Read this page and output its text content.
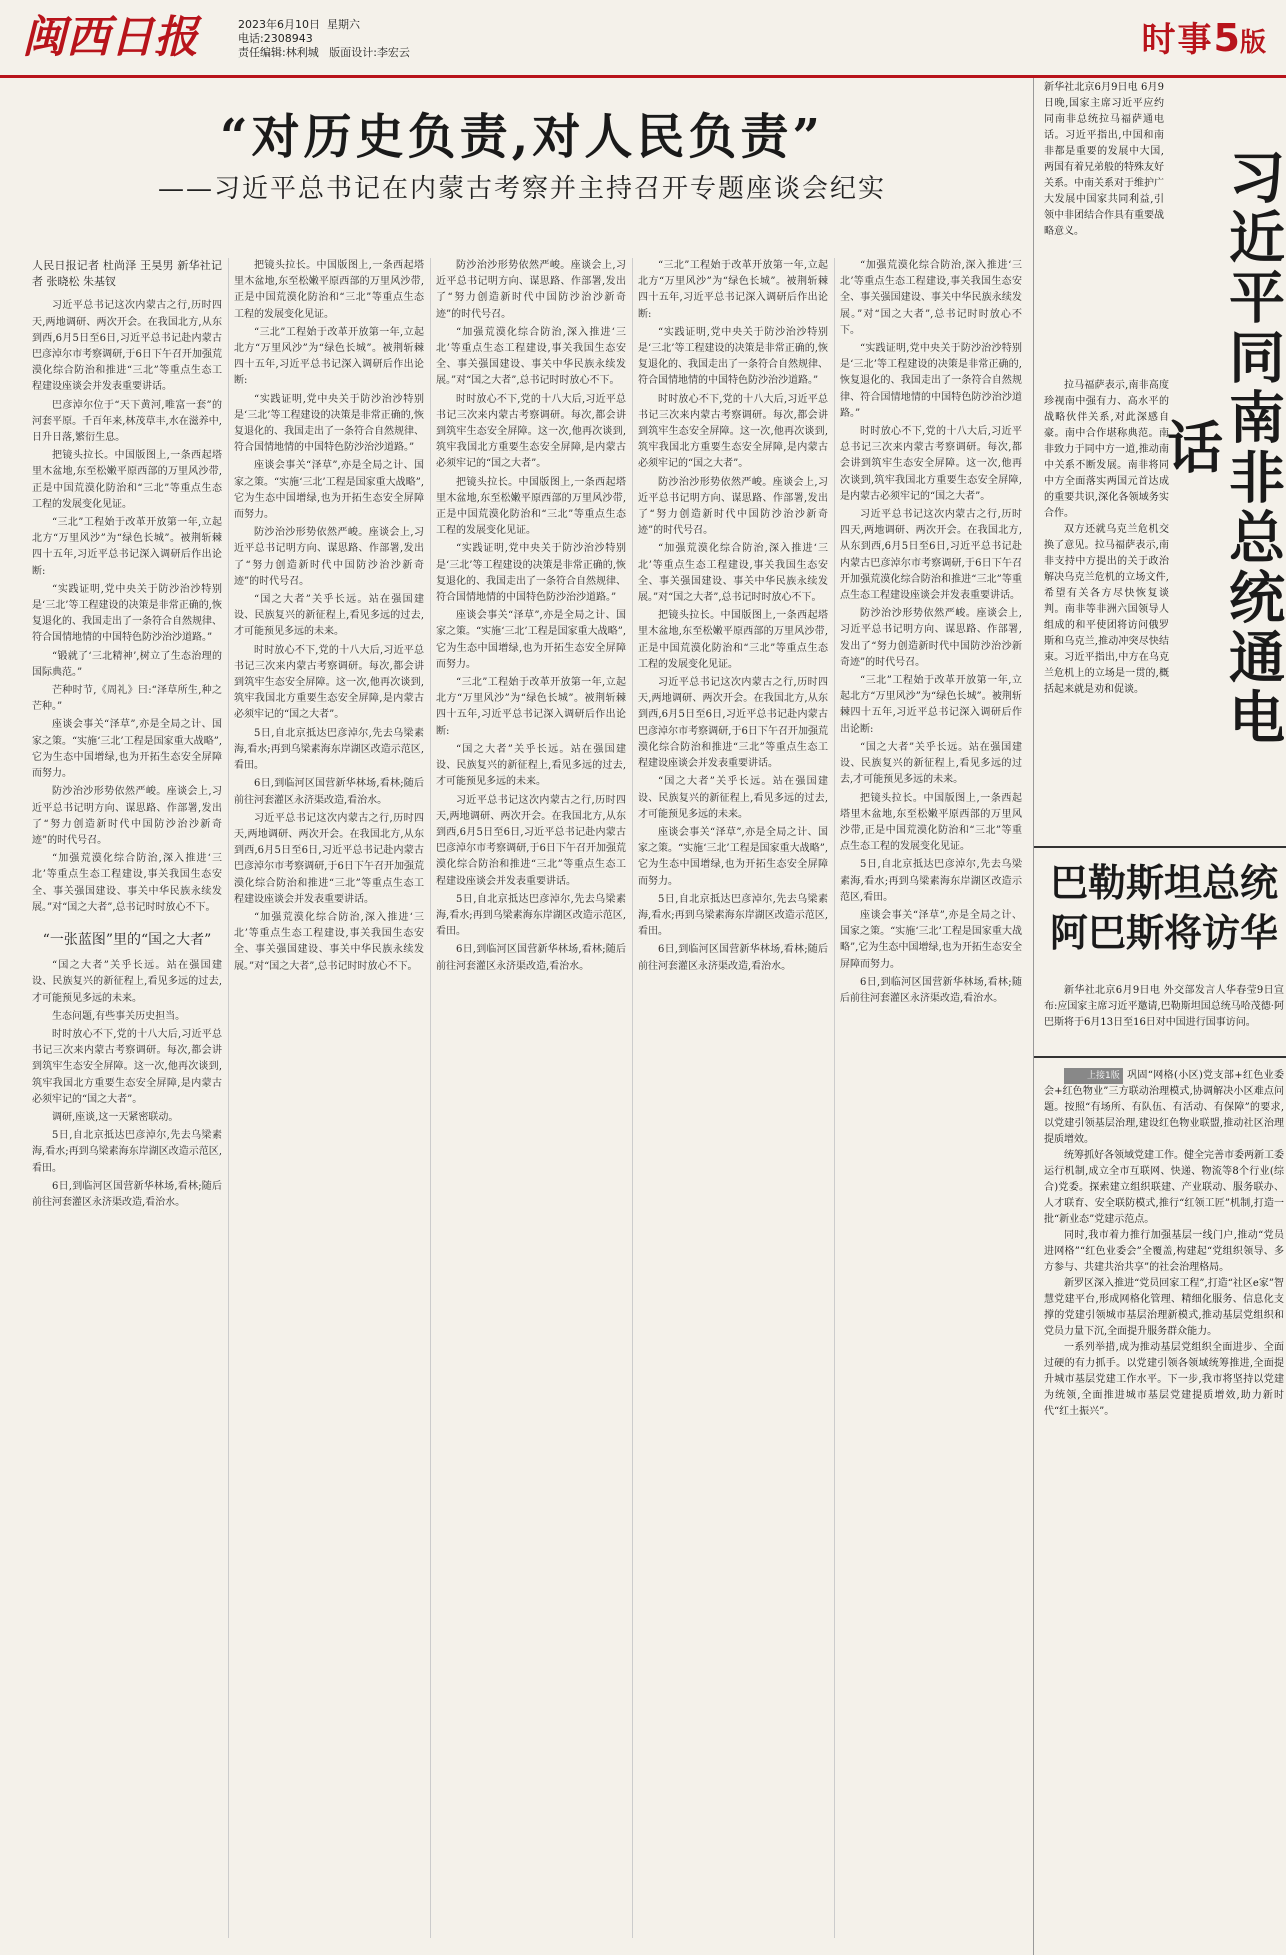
闽西日报	2023年6月10日 星期六
电话:2308943
责任编辑:林利城 版面设计:李宏云	时事5版
“对历史负责,对人民负责”
——习近平总书记在内蒙古考察并主持召开专题座谈会纪实

人民日报记者 杜尚泽 王昊男 新华社记者 张晓松 朱基钗

习近平总书记这次内蒙古之行,历时四天,两地调研、两次开会。在我国北方,从东到西,6月5日至6日,习近平总书记赴内蒙古巴彦淖尔市考察调研,于6日下午召开加强荒漠化综合防治和推进“三北”等重点生态工程建设座谈会并发表重要讲话。

巴彦淖尔位于“天下黄河,唯富一套”的河套平原。千百年来,林茂草丰,水在滋养中,日升日落,繁衍生息。

把镜头拉长。中国版图上,一条西起塔里木盆地,东至松嫩平原西部的万里风沙带,正是中国荒漠化防治和“三北”等重点生态工程的发展变化见证。

“三北”工程始于改革开放第一年,立起北方“万里风沙”为“绿色长城”。被荆斩棘四十五年,习近平总书记深入调研后作出论断:

“实践证明,党中央关于防沙治沙特别是‘三北’等工程建设的决策是非常正确的,恢复退化的、我国走出了一条符合自然规律、符合国情地情的中国特色防沙治沙道路。”

“锻就了‘三北精神’,树立了生态治理的国际典范。”

芒种时节,《周礼》曰:“泽草所生,种之芒种。”

座谈会事关“泽草”,亦是全局之计、国家之策。“实施‘三北’工程是国家重大战略”,它为生态中国增绿,也为开拓生态安全屏障而努力。

防沙治沙形势依然严峻。座谈会上,习近平总书记明方向、谋思路、作部署,发出了“努力创造新时代中国防沙治沙新奇迹”的时代号召。

“加强荒漠化综合防治,深入推进‘三北’等重点生态工程建设,事关我国生态安全、事关强国建设、事关中华民族永续发展。”对“国之大者”,总书记时时放心不下。

“一张蓝图”里的“国之大者”

“国之大者”关乎长远。站在强国建设、民族复兴的新征程上,看见多远的过去,才可能预见多远的未来。

生态问题,有些事关历史担当。

时时放心不下,党的十八大后,习近平总书记三次来内蒙古考察调研。每次,都会讲到筑牢生态安全屏障。这一次,他再次谈到,筑牢我国北方重要生态安全屏障,是内蒙古必须牢记的“国之大者”。

调研,座谈,这一天紧密联动。

5日,自北京抵达巴彦淖尔,先去乌梁素海,看水;再到乌梁素海东岸湖区改造示范区,看田。

6日,到临河区国营新华林场,看林;随后前往河套灌区永济渠改造,看治水。

把镜头拉长。中国版图上,一条西起塔里木盆地,东至松嫩平原西部的万里风沙带,正是中国荒漠化防治和“三北”等重点生态工程的发展变化见证。

“三北”工程始于改革开放第一年,立起北方“万里风沙”为“绿色长城”。被荆斩棘四十五年,习近平总书记深入调研后作出论断:

“实践证明,党中央关于防沙治沙特别是‘三北’等工程建设的决策是非常正确的,恢复退化的、我国走出了一条符合自然规律、符合国情地情的中国特色防沙治沙道路。”

座谈会事关“泽草”,亦是全局之计、国家之策。“实施‘三北’工程是国家重大战略”,它为生态中国增绿,也为开拓生态安全屏障而努力。

防沙治沙形势依然严峻。座谈会上,习近平总书记明方向、谋思路、作部署,发出了“努力创造新时代中国防沙治沙新奇迹”的时代号召。

“国之大者”关乎长远。站在强国建设、民族复兴的新征程上,看见多远的过去,才可能预见多远的未来。

时时放心不下,党的十八大后,习近平总书记三次来内蒙古考察调研。每次,都会讲到筑牢生态安全屏障。这一次,他再次谈到,筑牢我国北方重要生态安全屏障,是内蒙古必须牢记的“国之大者”。

5日,自北京抵达巴彦淖尔,先去乌梁素海,看水;再到乌梁素海东岸湖区改造示范区,看田。

6日,到临河区国营新华林场,看林;随后前往河套灌区永济渠改造,看治水。

习近平总书记这次内蒙古之行,历时四天,两地调研、两次开会。在我国北方,从东到西,6月5日至6日,习近平总书记赴内蒙古巴彦淖尔市考察调研,于6日下午召开加强荒漠化综合防治和推进“三北”等重点生态工程建设座谈会并发表重要讲话。

“加强荒漠化综合防治,深入推进‘三北’等重点生态工程建设,事关我国生态安全、事关强国建设、事关中华民族永续发展。”对“国之大者”,总书记时时放心不下。

防沙治沙形势依然严峻。座谈会上,习近平总书记明方向、谋思路、作部署,发出了“努力创造新时代中国防沙治沙新奇迹”的时代号召。

“加强荒漠化综合防治,深入推进‘三北’等重点生态工程建设,事关我国生态安全、事关强国建设、事关中华民族永续发展。”对“国之大者”,总书记时时放心不下。

时时放心不下,党的十八大后,习近平总书记三次来内蒙古考察调研。每次,都会讲到筑牢生态安全屏障。这一次,他再次谈到,筑牢我国北方重要生态安全屏障,是内蒙古必须牢记的“国之大者”。

把镜头拉长。中国版图上,一条西起塔里木盆地,东至松嫩平原西部的万里风沙带,正是中国荒漠化防治和“三北”等重点生态工程的发展变化见证。

“实践证明,党中央关于防沙治沙特别是‘三北’等工程建设的决策是非常正确的,恢复退化的、我国走出了一条符合自然规律、符合国情地情的中国特色防沙治沙道路。”

座谈会事关“泽草”,亦是全局之计、国家之策。“实施‘三北’工程是国家重大战略”,它为生态中国增绿,也为开拓生态安全屏障而努力。

“三北”工程始于改革开放第一年,立起北方“万里风沙”为“绿色长城”。被荆斩棘四十五年,习近平总书记深入调研后作出论断:

“国之大者”关乎长远。站在强国建设、民族复兴的新征程上,看见多远的过去,才可能预见多远的未来。

习近平总书记这次内蒙古之行,历时四天,两地调研、两次开会。在我国北方,从东到西,6月5日至6日,习近平总书记赴内蒙古巴彦淖尔市考察调研,于6日下午召开加强荒漠化综合防治和推进“三北”等重点生态工程建设座谈会并发表重要讲话。

5日,自北京抵达巴彦淖尔,先去乌梁素海,看水;再到乌梁素海东岸湖区改造示范区,看田。

6日,到临河区国营新华林场,看林;随后前往河套灌区永济渠改造,看治水。

“三北”工程始于改革开放第一年,立起北方“万里风沙”为“绿色长城”。被荆斩棘四十五年,习近平总书记深入调研后作出论断:

“实践证明,党中央关于防沙治沙特别是‘三北’等工程建设的决策是非常正确的,恢复退化的、我国走出了一条符合自然规律、符合国情地情的中国特色防沙治沙道路。”

时时放心不下,党的十八大后,习近平总书记三次来内蒙古考察调研。每次,都会讲到筑牢生态安全屏障。这一次,他再次谈到,筑牢我国北方重要生态安全屏障,是内蒙古必须牢记的“国之大者”。

防沙治沙形势依然严峻。座谈会上,习近平总书记明方向、谋思路、作部署,发出了“努力创造新时代中国防沙治沙新奇迹”的时代号召。

“加强荒漠化综合防治,深入推进‘三北’等重点生态工程建设,事关我国生态安全、事关强国建设、事关中华民族永续发展。”对“国之大者”,总书记时时放心不下。

把镜头拉长。中国版图上,一条西起塔里木盆地,东至松嫩平原西部的万里风沙带,正是中国荒漠化防治和“三北”等重点生态工程的发展变化见证。

习近平总书记这次内蒙古之行,历时四天,两地调研、两次开会。在我国北方,从东到西,6月5日至6日,习近平总书记赴内蒙古巴彦淖尔市考察调研,于6日下午召开加强荒漠化综合防治和推进“三北”等重点生态工程建设座谈会并发表重要讲话。

“国之大者”关乎长远。站在强国建设、民族复兴的新征程上,看见多远的过去,才可能预见多远的未来。

座谈会事关“泽草”,亦是全局之计、国家之策。“实施‘三北’工程是国家重大战略”,它为生态中国增绿,也为开拓生态安全屏障而努力。

5日,自北京抵达巴彦淖尔,先去乌梁素海,看水;再到乌梁素海东岸湖区改造示范区,看田。

6日,到临河区国营新华林场,看林;随后前往河套灌区永济渠改造,看治水。

“加强荒漠化综合防治,深入推进‘三北’等重点生态工程建设,事关我国生态安全、事关强国建设、事关中华民族永续发展。”对“国之大者”,总书记时时放心不下。

“实践证明,党中央关于防沙治沙特别是‘三北’等工程建设的决策是非常正确的,恢复退化的、我国走出了一条符合自然规律、符合国情地情的中国特色防沙治沙道路。”

时时放心不下,党的十八大后,习近平总书记三次来内蒙古考察调研。每次,都会讲到筑牢生态安全屏障。这一次,他再次谈到,筑牢我国北方重要生态安全屏障,是内蒙古必须牢记的“国之大者”。

习近平总书记这次内蒙古之行,历时四天,两地调研、两次开会。在我国北方,从东到西,6月5日至6日,习近平总书记赴内蒙古巴彦淖尔市考察调研,于6日下午召开加强荒漠化综合防治和推进“三北”等重点生态工程建设座谈会并发表重要讲话。

防沙治沙形势依然严峻。座谈会上,习近平总书记明方向、谋思路、作部署,发出了“努力创造新时代中国防沙治沙新奇迹”的时代号召。

“三北”工程始于改革开放第一年,立起北方“万里风沙”为“绿色长城”。被荆斩棘四十五年,习近平总书记深入调研后作出论断:

“国之大者”关乎长远。站在强国建设、民族复兴的新征程上,看见多远的过去,才可能预见多远的未来。

把镜头拉长。中国版图上,一条西起塔里木盆地,东至松嫩平原西部的万里风沙带,正是中国荒漠化防治和“三北”等重点生态工程的发展变化见证。

5日,自北京抵达巴彦淖尔,先去乌梁素海,看水;再到乌梁素海东岸湖区改造示范区,看田。

座谈会事关“泽草”,亦是全局之计、国家之策。“实施‘三北’工程是国家重大战略”,它为生态中国增绿,也为开拓生态安全屏障而努力。

6日,到临河区国营新华林场,看林;随后前往河套灌区永济渠改造,看治水。

新华社北京6月9日电 6月9日晚,国家主席习近平应约同南非总统拉马福萨通电话。习近平指出,中国和南非都是重要的发展中大国,两国有着兄弟般的特殊友好关系。中南关系对于维护广大发展中国家共同利益,引领中非团结合作具有重要战略意义。	习近平同南非总统通电话

拉马福萨表示,南非高度珍视南中强有力、高水平的战略伙伴关系,对此深感自豪。南中合作堪称典范。南非致力于同中方一道,推动南中关系不断发展。南非将同中方全面落实两国元首达成的重要共识,深化各领域务实合作。

双方还就乌克兰危机交换了意见。拉马福萨表示,南非支持中方提出的关于政治解决乌克兰危机的立场文件,希望有关各方尽快恢复谈判。南非等非洲六国领导人组成的和平使团将访问俄罗斯和乌克兰,推动冲突尽快结束。习近平指出,中方在乌克兰危机上的立场是一贯的,概括起来就是劝和促谈。

巴勒斯坦总统阿巴斯将访华

新华社北京6月9日电 外交部发言人华春莹9日宣布:应国家主席习近平邀请,巴勒斯坦国总统马哈茂德·阿巴斯将于6月13日至16日对中国进行国事访问。

上接1版 巩固“网格(小区)党支部+红色业委会+红色物业”三方联动治理模式,协调解决小区难点问题。按照“有场所、有队伍、有活动、有保障”的要求,以党建引领基层治理,建设红色物业联盟,推动社区治理提质增效。

统筹抓好各领域党建工作。健全完善市委两新工委运行机制,成立全市互联网、快递、物流等8个行业(综合)党委。探索建立组织联建、产业联动、服务联办、人才联育、安全联防模式,推行“红领工匠”机制,打造一批“新业态”党建示范点。

同时,我市着力推行加强基层一线门户,推动“党员进网格”“红色业委会”全覆盖,构建起“党组织领导、多方参与、共建共治共享”的社会治理格局。

新罗区深入推进“党员回家工程”,打造“社区e家”智慧党建平台,形成网格化管理、精细化服务、信息化支撑的党建引领城市基层治理新模式,推动基层党组织和党员力量下沉,全面提升服务群众能力。

一系列举措,成为推动基层党组织全面进步、全面过硬的有力抓手。以党建引领各领域统筹推进,全面提升城市基层党建工作水平。下一步,我市将坚持以党建为统领,全面推进城市基层党建提质增效,助力新时代“红土振兴”。
